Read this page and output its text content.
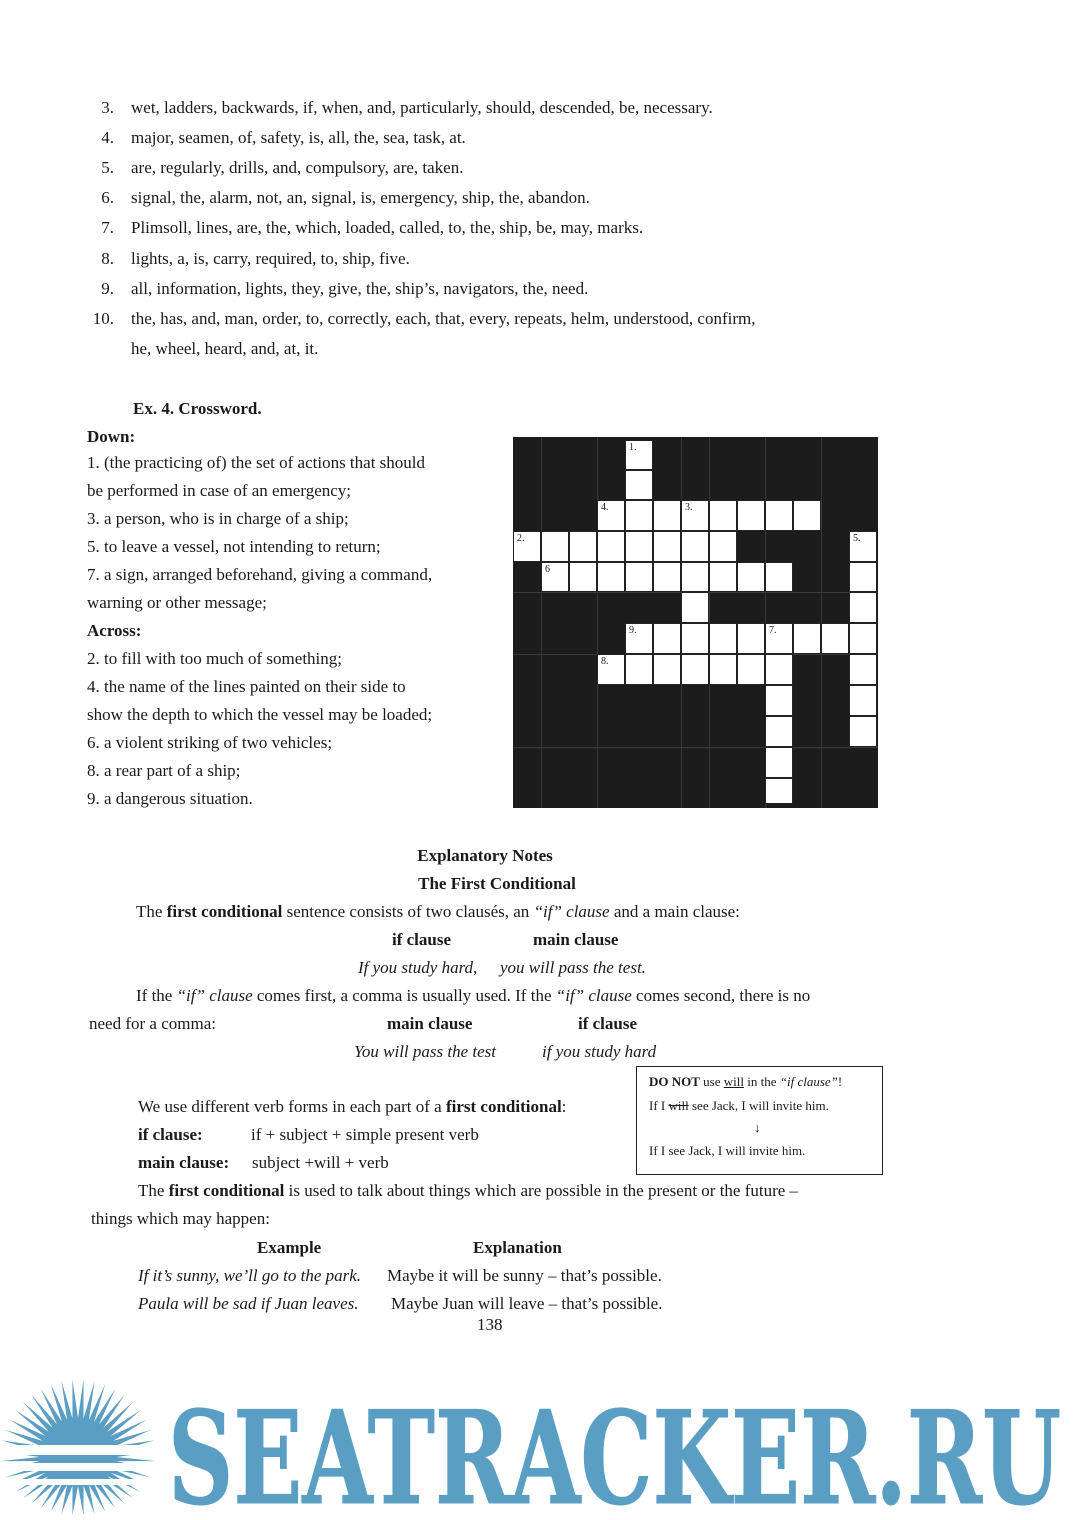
3. wet, ladders, backwards, if, when, and, particularly, should, descended, be, necessary.
4. major, seamen, of, safety, is, all, the, sea, task, at.
5. are, regularly, drills, and, compulsory, are, taken.
6. signal, the, alarm, not, an, signal, is, emergency, ship, the, abandon.
7. Plimsoll, lines, are, the, which, loaded, called, to, the, ship, be, may, marks.
8. lights, a, is, carry, required, to, ship, five.
9. all, information, lights, they, give, the, ship’s, navigators, the, need.
10. the, has, and, man, order, to, correctly, each, that, every, repeats, helm, understood, confirm,
he, wheel, heard, and, at, it.
Ex. 4. Crossword.
Down:
1. (the practicing of) the set of actions that should
be performed in case of an emergency;
3. a person, who is in charge of a ship;
5. to leave a vessel, not intending to return;
7. a sign, arranged beforehand, giving a command,
warning or other message;
Across:
2. to fill with too much of something;
4. the name of the lines painted on their side to
show the depth to which the vessel may be loaded;
6. a violent striking of two vehicles;
8. a rear part of a ship;
9. a dangerous situation.
1.
4.	3.
2.	5.
6
9.	7.
8.
Explanatory Notes
The First Conditional
The first conditional sentence consists of two clausés, an “if” clause and a main clause:
if clause	main clause
If you study hard, you will pass the test.
If the “if” clause comes first, a comma is usually used. If the “if” clause comes second, there is no
need for a comma:	main clause	if clause
You will pass the test	if you study hard
We use different verb forms in each part of a first conditional:
if clause:	if + subject + simple present verb
main clause: subject +will + verb
DO NOT use will in the “if clause”!
If I will see Jack, I will invite him.
↓
If I see Jack, I will invite him.
The first conditional is used to talk about things which are possible in the present or the future –
things which may happen:
Example	Explanation
If it’s sunny, we’ll go to the park. Maybe it will be sunny – that’s possible.
Paula will be sad if Juan leaves. Maybe Juan will leave – that’s possible.
138
SEATRACKER.RU
